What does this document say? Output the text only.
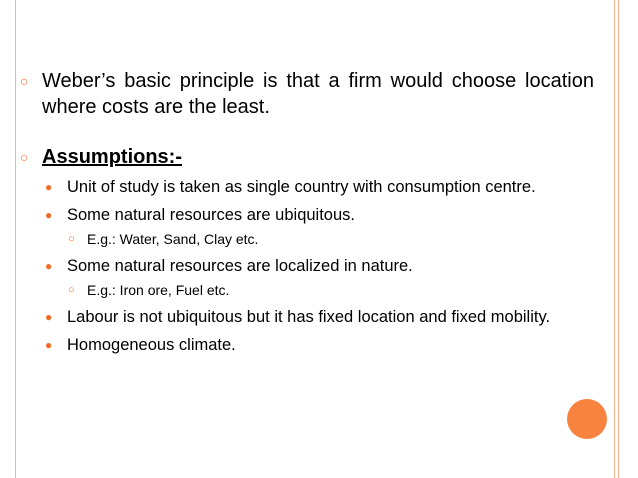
○ Weber’s basic principle is that a firm would choose location where costs are the least.
○ Assumptions:-
● Unit of study is taken as single country with consumption centre.
● Some natural resources are ubiquitous.
○ E.g.: Water, Sand, Clay etc.
● Some natural resources are localized in nature.
○ E.g.: Iron ore, Fuel etc.
● Labour is not ubiquitous but it has fixed location and fixed mobility.
● Homogeneous climate.
